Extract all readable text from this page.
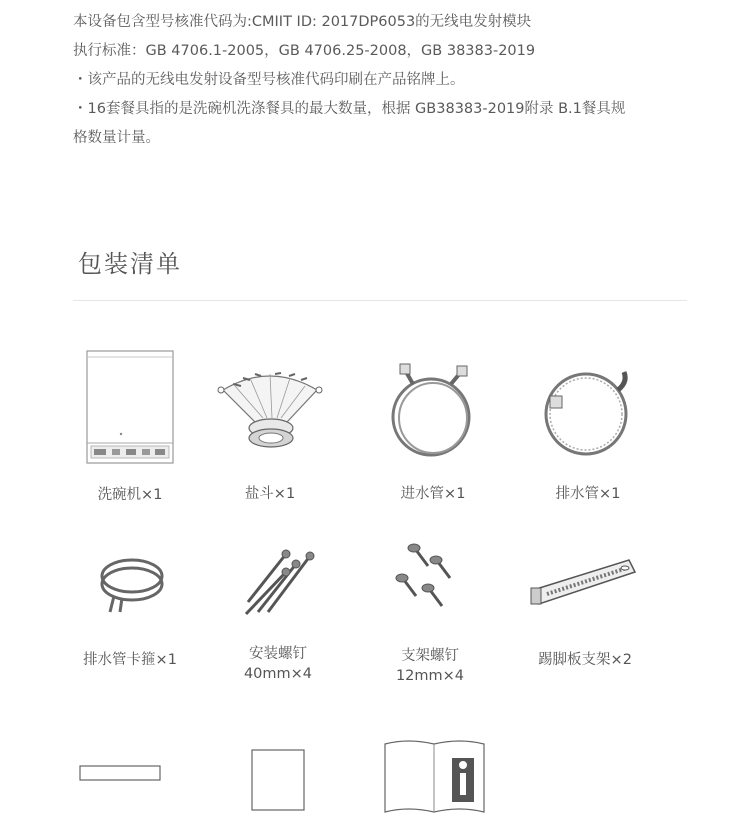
本设备包含型号核准代码为:CMIIT ID: 2017DP6053的无线电发射模块

执行标准：GB 4706.1-2005，GB 4706.25-2008，GB 38383-2019

・该产品的无线电发射设备型号核准代码印刷在产品铭牌上。

・16套餐具指的是洗碗机洗涤餐具的最大数量，根据 GB38383-2019附录 B.1餐具规

格数量计量。

包装清单
洗碗机×1	盐斗×1	进水管×1	排水管×1
排水管卡箍×1	安装螺钉
40mm×4
支架螺钉
12mm×4
踢脚板支架×2
